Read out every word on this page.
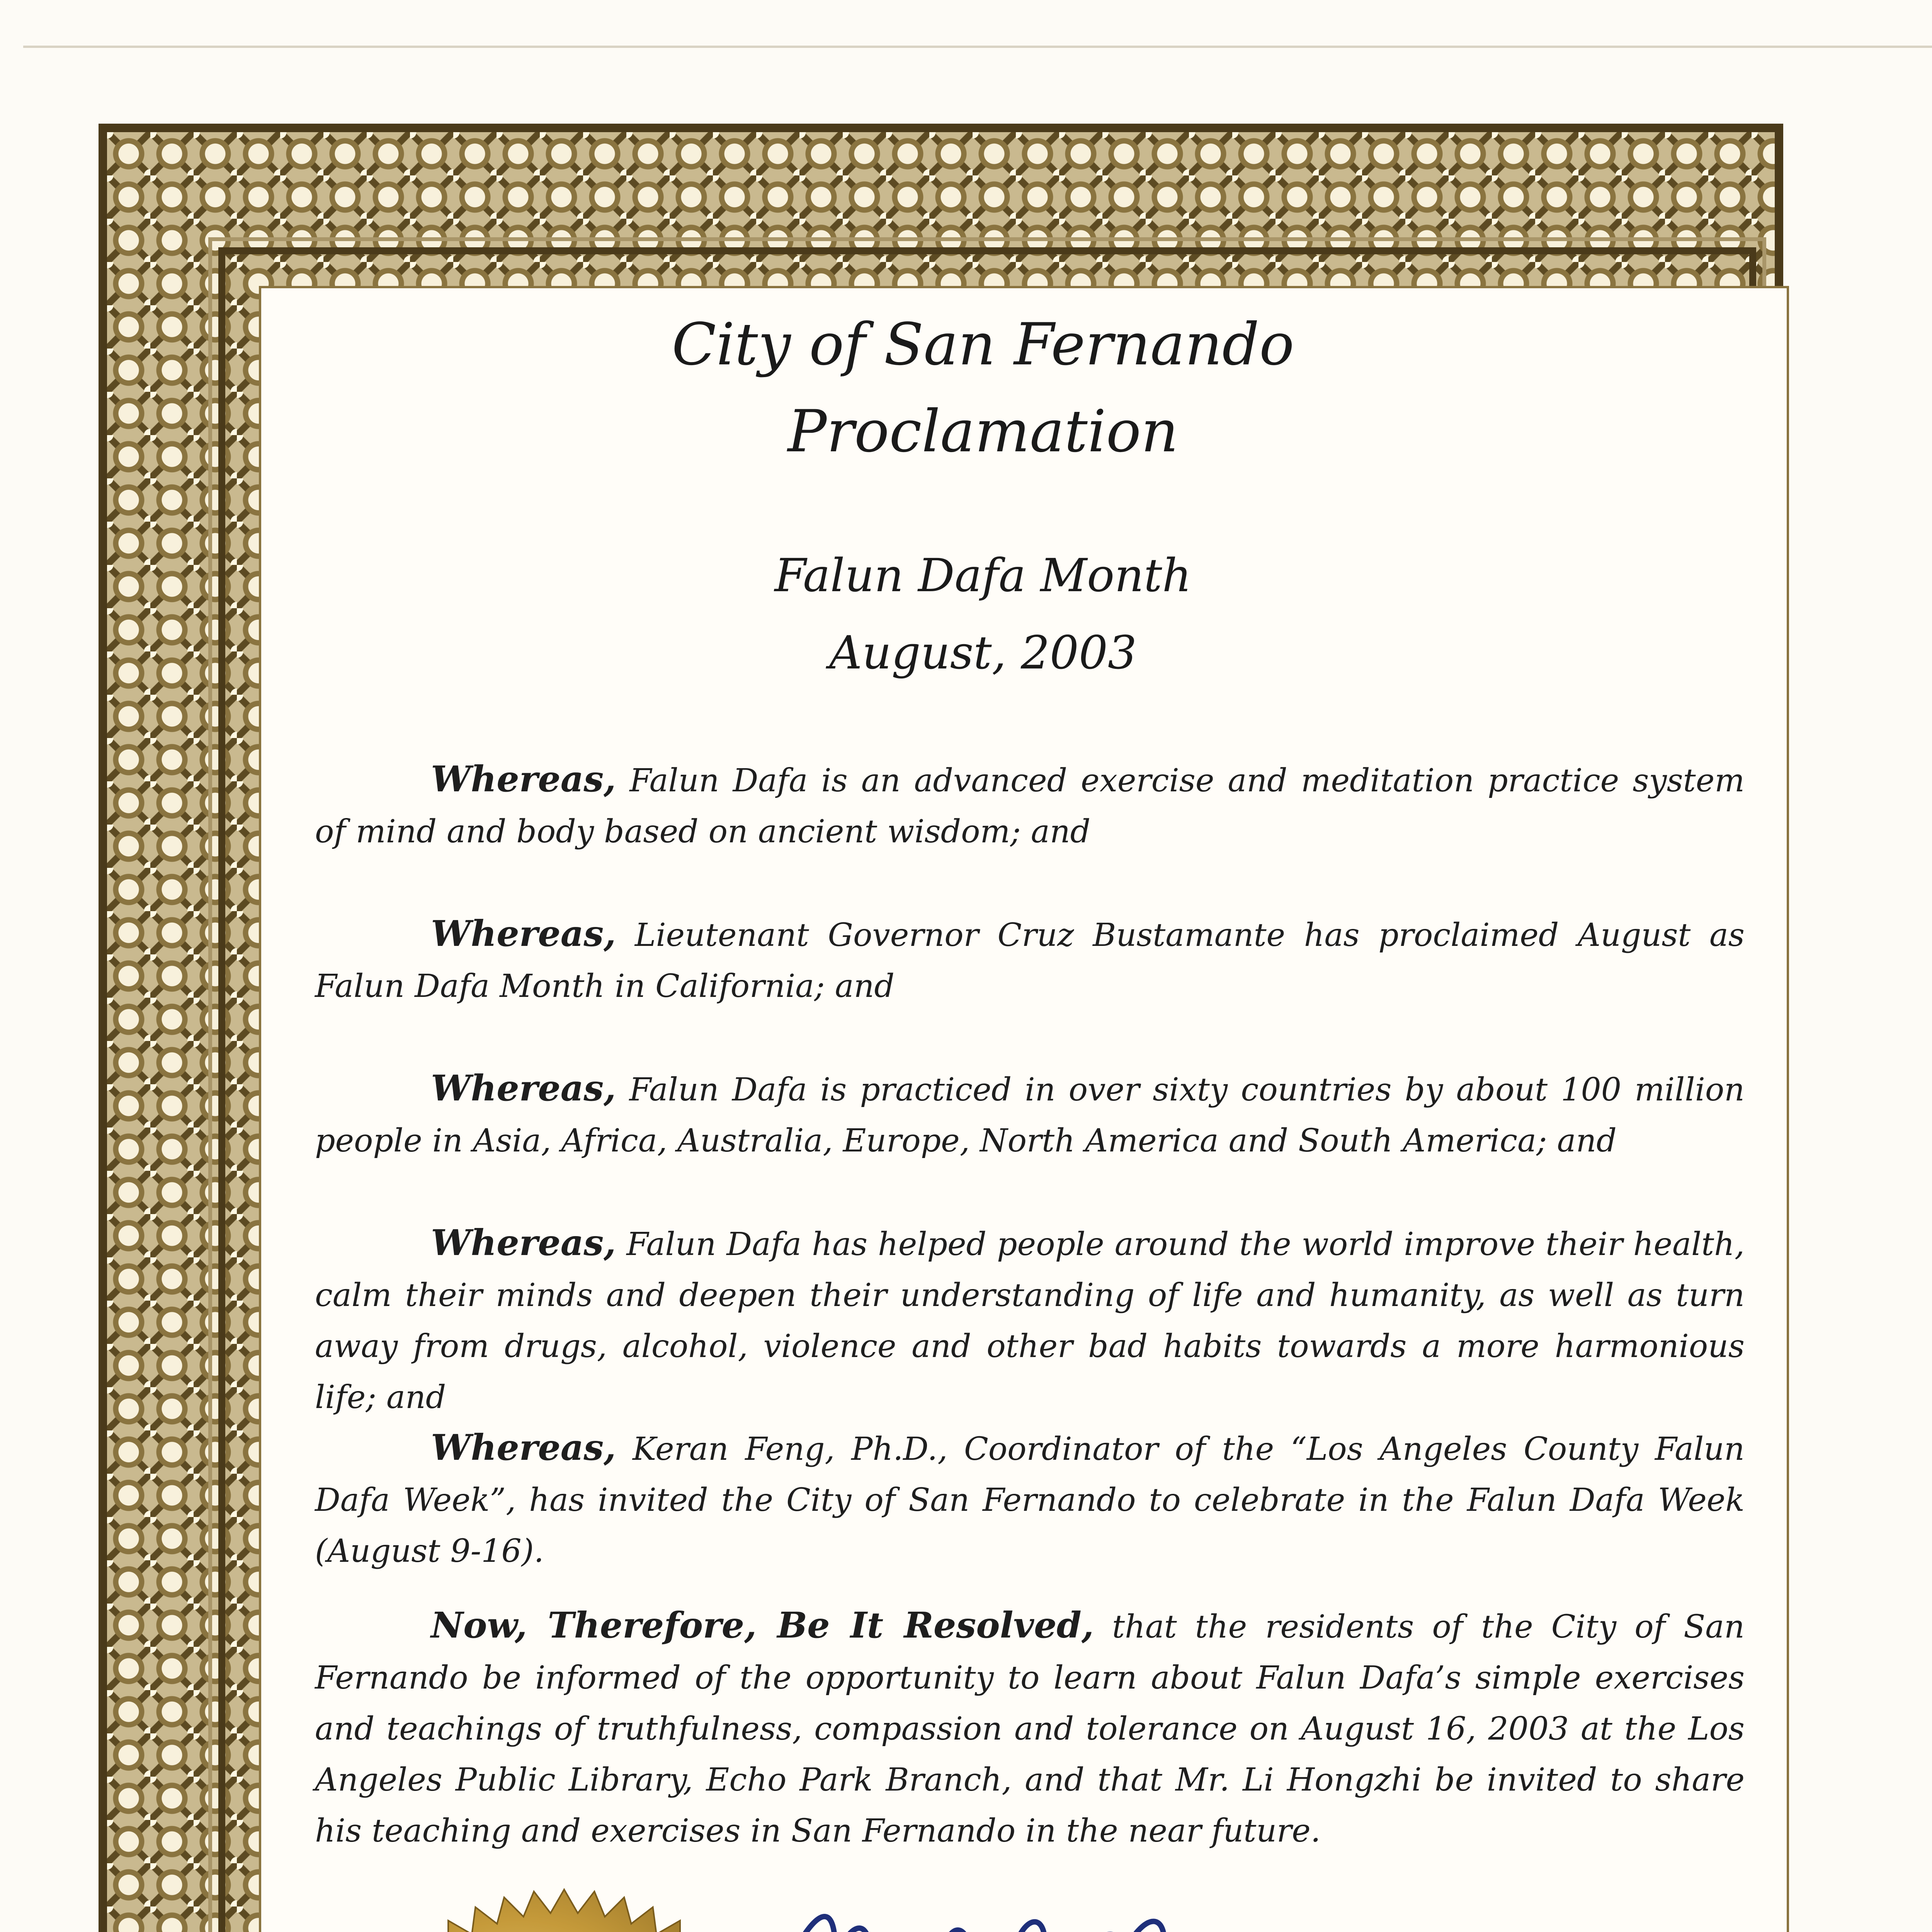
City of San Fernando
Proclamation
Falun Dafa Month
August, 2003

Whereas, Falun Dafa is an advanced exercise and meditation practice system of mind and body based on ancient wisdom; and

Whereas, Lieutenant Governor Cruz Bustamante has proclaimed August as Falun Dafa Month in California; and

Whereas, Falun Dafa is practiced in over sixty countries by about 100 million people in Asia, Africa, Australia, Europe, North America and South America; and

Whereas, Falun Dafa has helped people around the world improve their health, calm their minds and deepen their understanding of life and humanity, as well as turn away from drugs, alcohol, violence and other bad habits towards a more harmonious life; and

Whereas, Keran Feng, Ph.D., Coordinator of the “Los Angeles County Falun Dafa Week”, has invited the City of San Fernando to celebrate in the Falun Dafa Week (August 9-16).

Now, Therefore, Be It Resolved, that the residents of the City of San Fernando be informed of the opportunity to learn about Falun Dafa’s simple exercises and teachings of truthfulness, compassion and tolerance on August 16, 2003 at the Los Angeles Public Library, Echo Park Branch, and that Mr. Li Hongzhi be invited to share his teaching and exercises in San Fernando in the near future.
